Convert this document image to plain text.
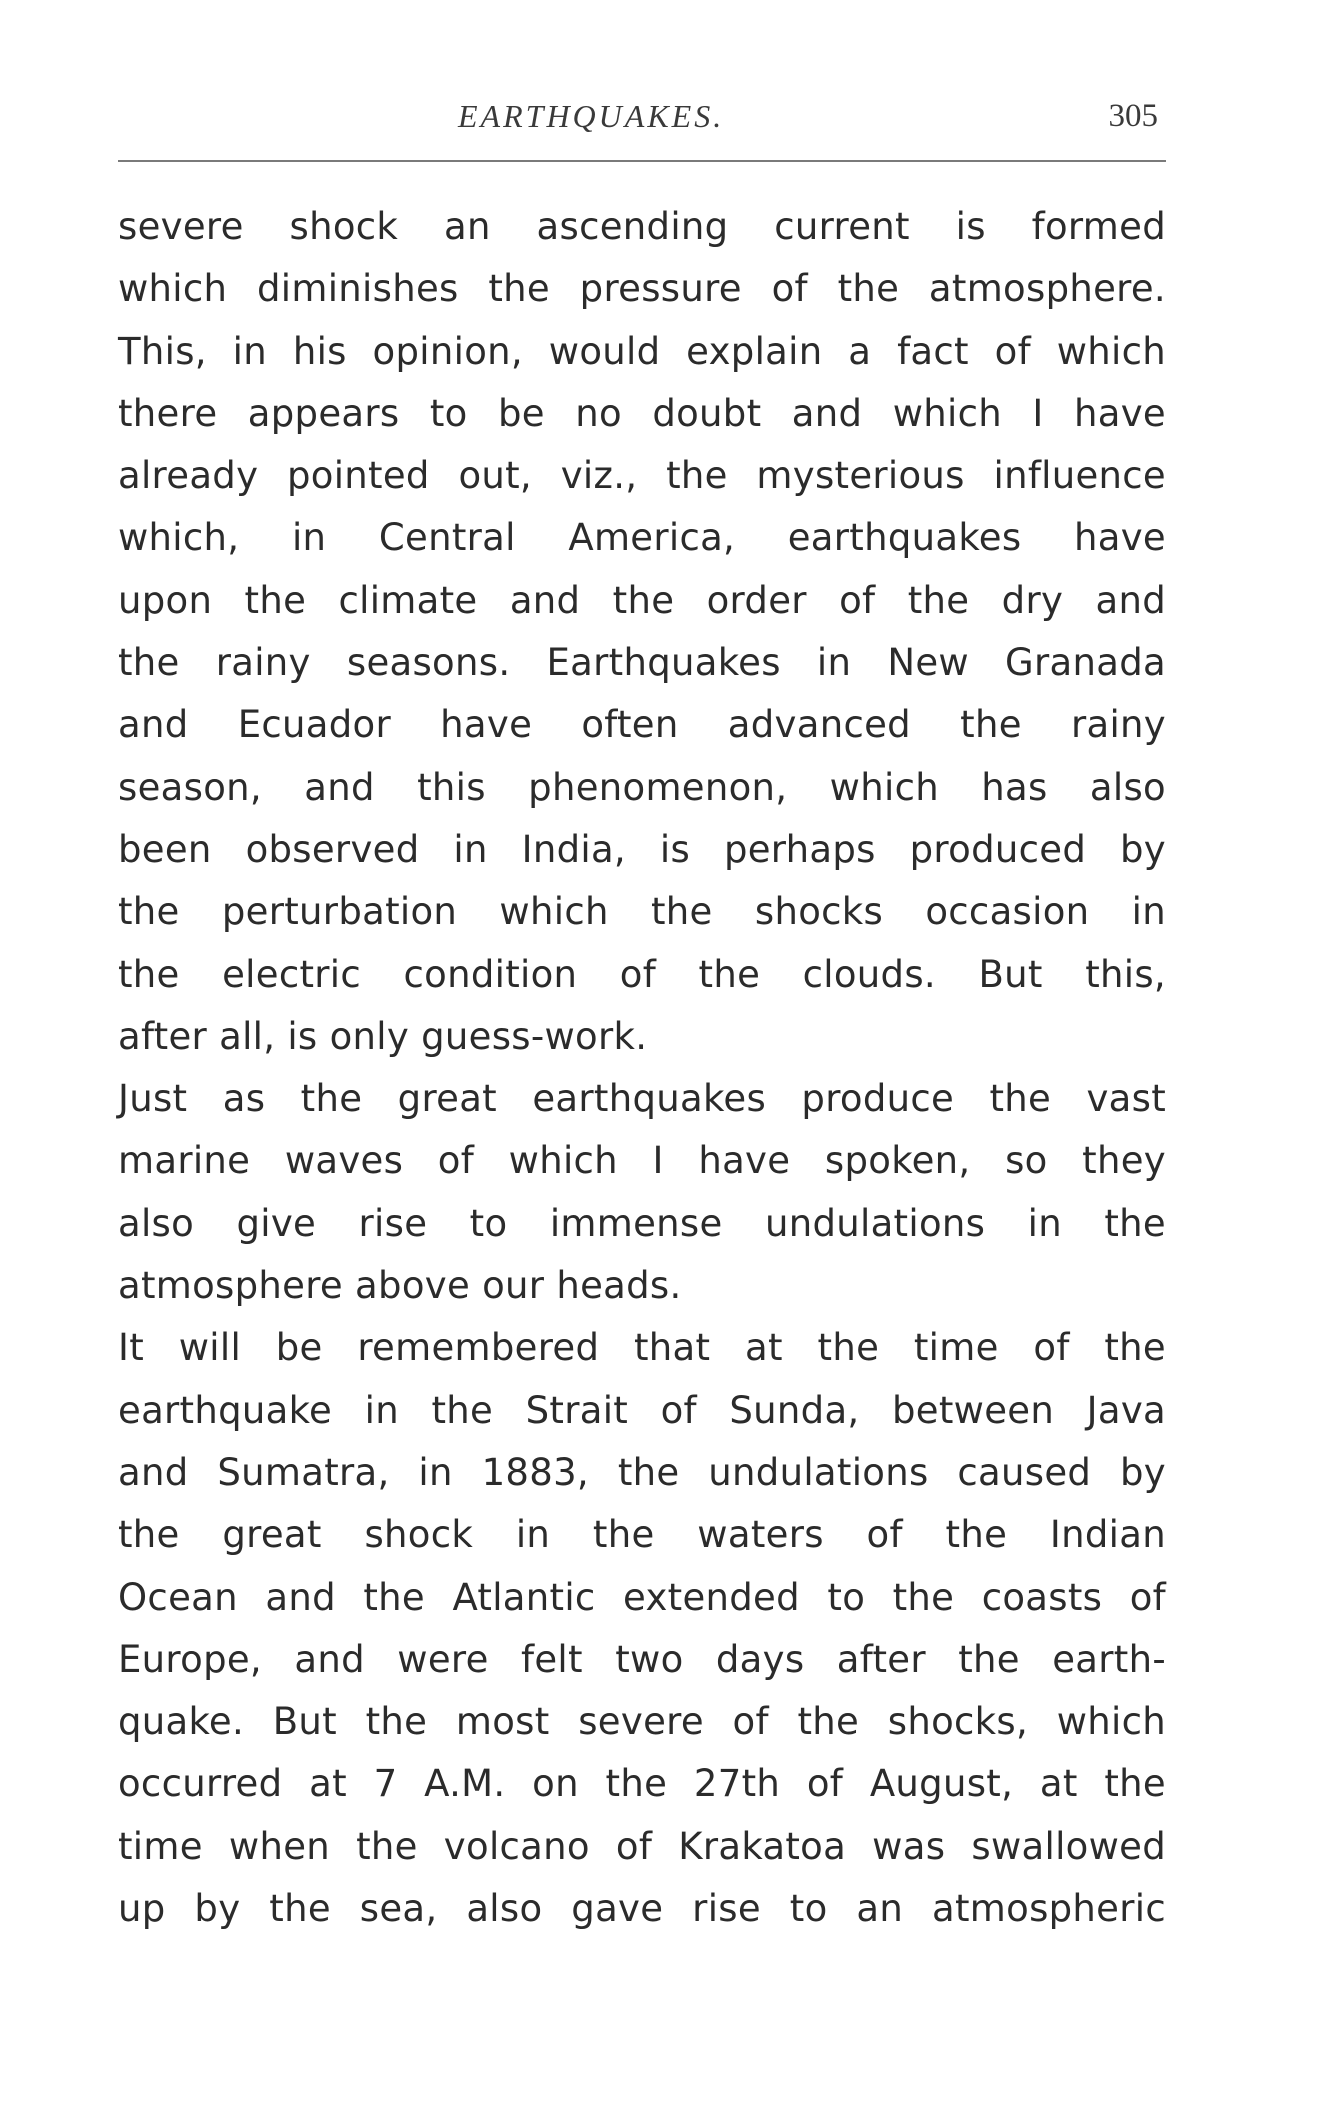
EARTHQUAKES.	305
severe shock an ascending current is formed
which diminishes the pressure of the atmosphere.
This, in his opinion, would explain a fact of which
there appears to be no doubt and which I have
already pointed out, viz., the mysterious influence
which, in Central America, earthquakes have
upon the climate and the order of the dry and
the rainy seasons. Earthquakes in New Granada
and Ecuador have often advanced the rainy
season, and this phenomenon, which has also
been observed in India, is perhaps produced by
the perturbation which the shocks occasion in
the electric condition of the clouds. But this,
after all, is only guess-work.
Just as the great earthquakes produce the vast
marine waves of which I have spoken, so they
also give rise to immense undulations in the
atmosphere above our heads.
It will be remembered that at the time of the
earthquake in the Strait of Sunda, between Java
and Sumatra, in 1883, the undulations caused by
the great shock in the waters of the Indian
Ocean and the Atlantic extended to the coasts of
Europe, and were felt two days after the earth-
quake. But the most severe of the shocks, which
occurred at 7 A.M. on the 27th of August, at the
time when the volcano of Krakatoa was swallowed
up by the sea, also gave rise to an atmospheric
